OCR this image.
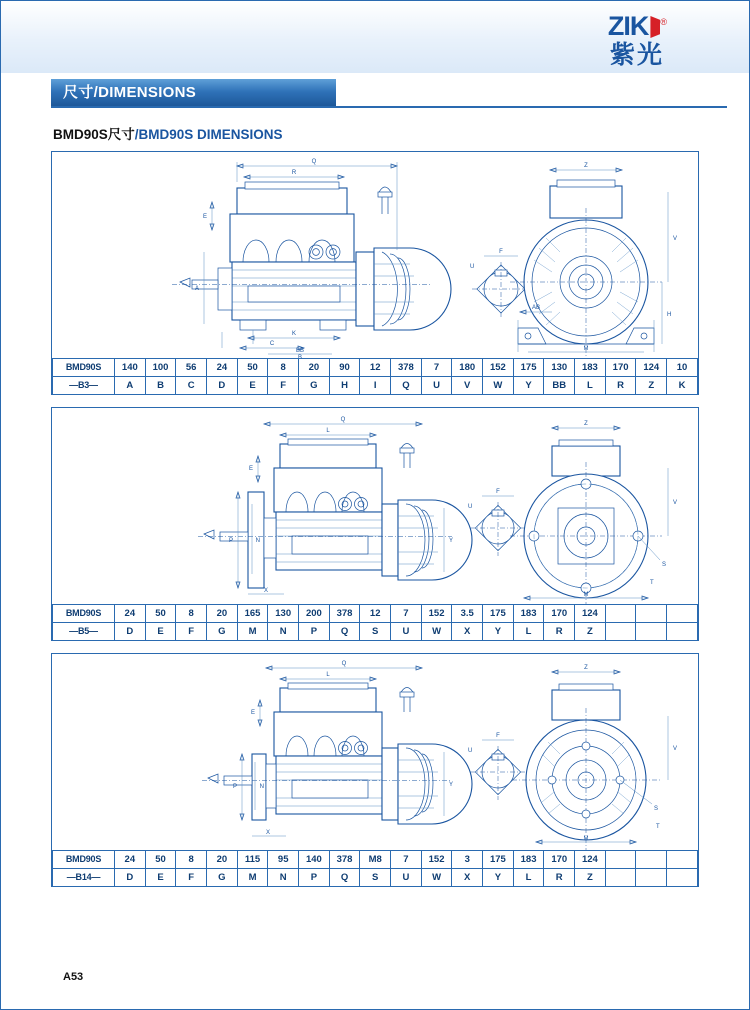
ZIK ®
紫光
尺寸/DIMENSIONS
BMD90S尺寸/BMD90S DIMENSIONS
Q
R
E
A
K
C
BB
B
F
U
Z
V
H
M
AB
BMD90S	140	100	56	24	50	8	20	90	12	378	7	180	152	175	130	183	170	124	10
—B3—	A	B	C	D	E	F	G	H	I	Q	U	V	W	Y	BB	L	R	Z	K
Q
L
E
P	N
X
Y
F
U
Z
V
M
S
T
BMD90S	24	50	8	20	165	130	200	378	12	7	152	3.5	175	183	170	124			
—B5—	D	E	F	G	M	N	P	Q	S	U	W	X	Y	L	R	Z			
Q
L
E
P	N
X
Y
F
U
Z
V
M
S
T
BMD90S	24	50	8	20	115	95	140	378	M8	7	152	3	175	183	170	124			
—B14—	D	E	F	G	M	N	P	Q	S	U	W	X	Y	L	R	Z			
A53
